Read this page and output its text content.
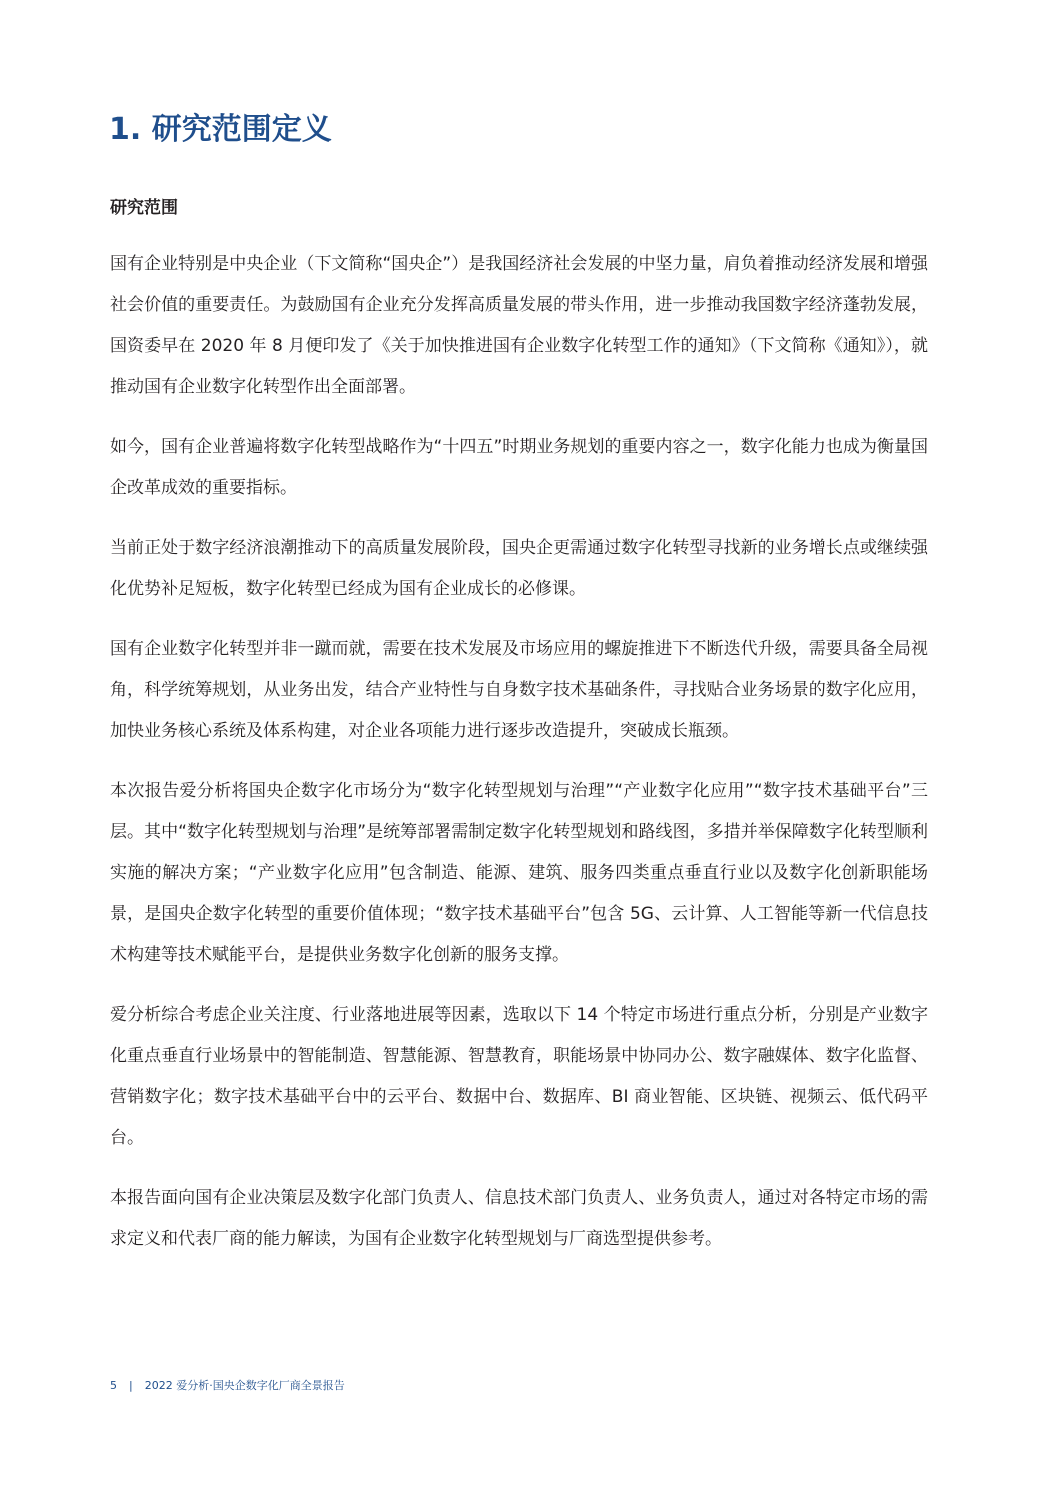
1. 研究范围定义
研究范围

国有企业特别是中央企业（下文简称“国央企”）是我国经济社会发展的中坚力量，肩负着推动经济发展和增强社会价值的重要责任。为鼓励国有企业充分发挥高质量发展的带头作用，进一步推动我国数字经济蓬勃发展，国资委早在 2020 年 8 月便印发了《关于加快推进国有企业数字化转型工作的通知》（下文简称《通知》），就推动国有企业数字化转型作出全面部署。

如今，国有企业普遍将数字化转型战略作为“十四五”时期业务规划的重要内容之一，数字化能力也成为衡量国企改革成效的重要指标。

当前正处于数字经济浪潮推动下的高质量发展阶段，国央企更需通过数字化转型寻找新的业务增长点或继续强化优势补足短板，数字化转型已经成为国有企业成长的必修课。

国有企业数字化转型并非一蹴而就，需要在技术发展及市场应用的螺旋推进下不断迭代升级，需要具备全局视角，科学统筹规划，从业务出发，结合产业特性与自身数字技术基础条件，寻找贴合业务场景的数字化应用，加快业务核心系统及体系构建，对企业各项能力进行逐步改造提升，突破成长瓶颈。

本次报告爱分析将国央企数字化市场分为“数字化转型规划与治理”“产业数字化应用”“数字技术基础平台”三层。其中“数字化转型规划与治理”是统筹部署需制定数字化转型规划和路线图，多措并举保障数字化转型顺利实施的解决方案；“产业数字化应用”包含制造、能源、建筑、服务四类重点垂直行业以及数字化创新职能场景，是国央企数字化转型的重要价值体现；“数字技术基础平台”包含 5G、云计算、人工智能等新一代信息技术构建等技术赋能平台，是提供业务数字化创新的服务支撑。

爱分析综合考虑企业关注度、行业落地进展等因素，选取以下 14 个特定市场进行重点分析，分别是产业数字化重点垂直行业场景中的智能制造、智慧能源、智慧教育，职能场景中协同办公、数字融媒体、数字化监督、营销数字化；数字技术基础平台中的云平台、数据中台、数据库、BI 商业智能、区块链、视频云、低代码平台。

本报告面向国有企业决策层及数字化部门负责人、信息技术部门负责人、业务负责人，通过对各特定市场的需求定义和代表厂商的能力解读，为国有企业数字化转型规划与厂商选型提供参考。

5 | 2022 爱分析·国央企数字化厂商全景报告
